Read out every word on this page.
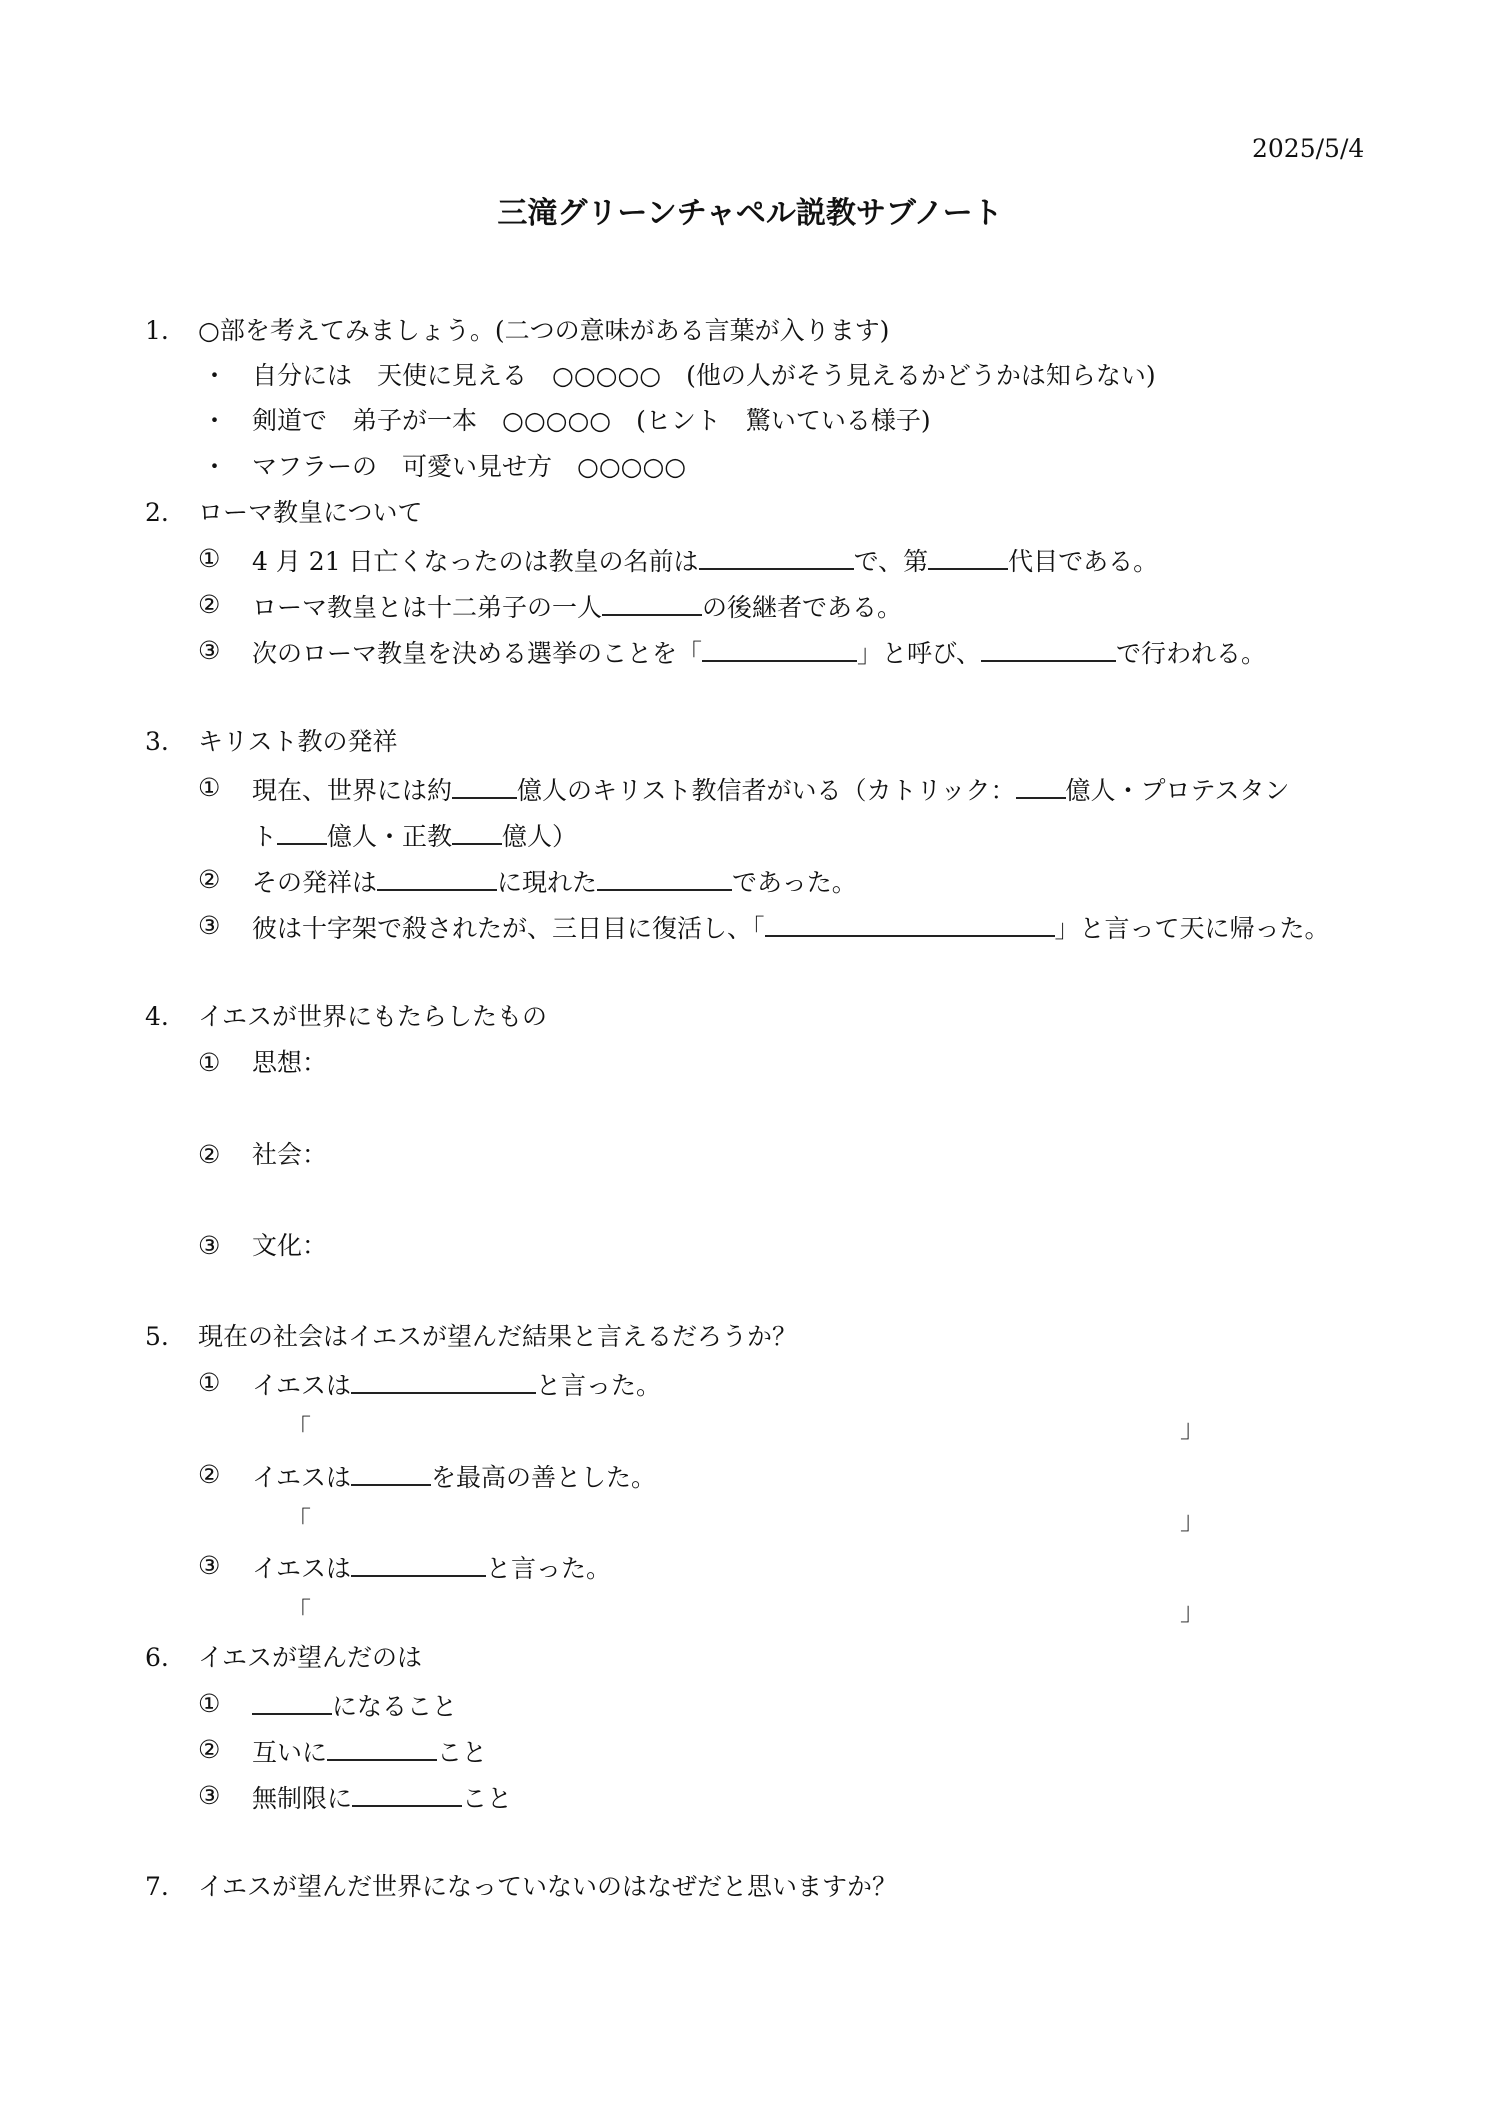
2025/5/4
三滝グリーンチャペル説教サブノート
1. ○部を考えてみましょう。(二つの意味がある言葉が入ります)
・ 自分には　天使に見える　○○○○○　(他の人がそう見えるかどうかは知らない)
・ 剣道で　弟子が一本　○○○○○　(ヒント　驚いている様子)
・ マフラーの　可愛い見せ方　○○○○○
2. ローマ教皇について
① 4 月 21 日亡くなったのは教皇の名前は	で、第	代目である。
② ローマ教皇とは十二弟子の一人	の後継者である。
③ 次のローマ教皇を決める選挙のことを「	」と呼び、	で行われる。
3. キリスト教の発祥
① 現在、世界には約	億人のキリスト教信者がいる（カトリック： 億人・プロテスタン
ト 億人・正教 億人）
② その発祥は	に現れた	であった。
③ 彼は十字架で殺されたが、三日目に復活し、「	」と言って天に帰った。
4. イエスが世界にもたらしたもの
① 思想：
② 社会：
③ 文化：
5. 現在の社会はイエスが望んだ結果と言えるだろうか？
① イエスは	と言った。
「	」
② イエスは	を最高の善とした。
「	」
③ イエスは	と言った。
「	」
6. イエスが望んだのは
①	になること
② 互いに	こと
③ 無制限に	こと
7. イエスが望んだ世界になっていないのはなぜだと思いますか？
